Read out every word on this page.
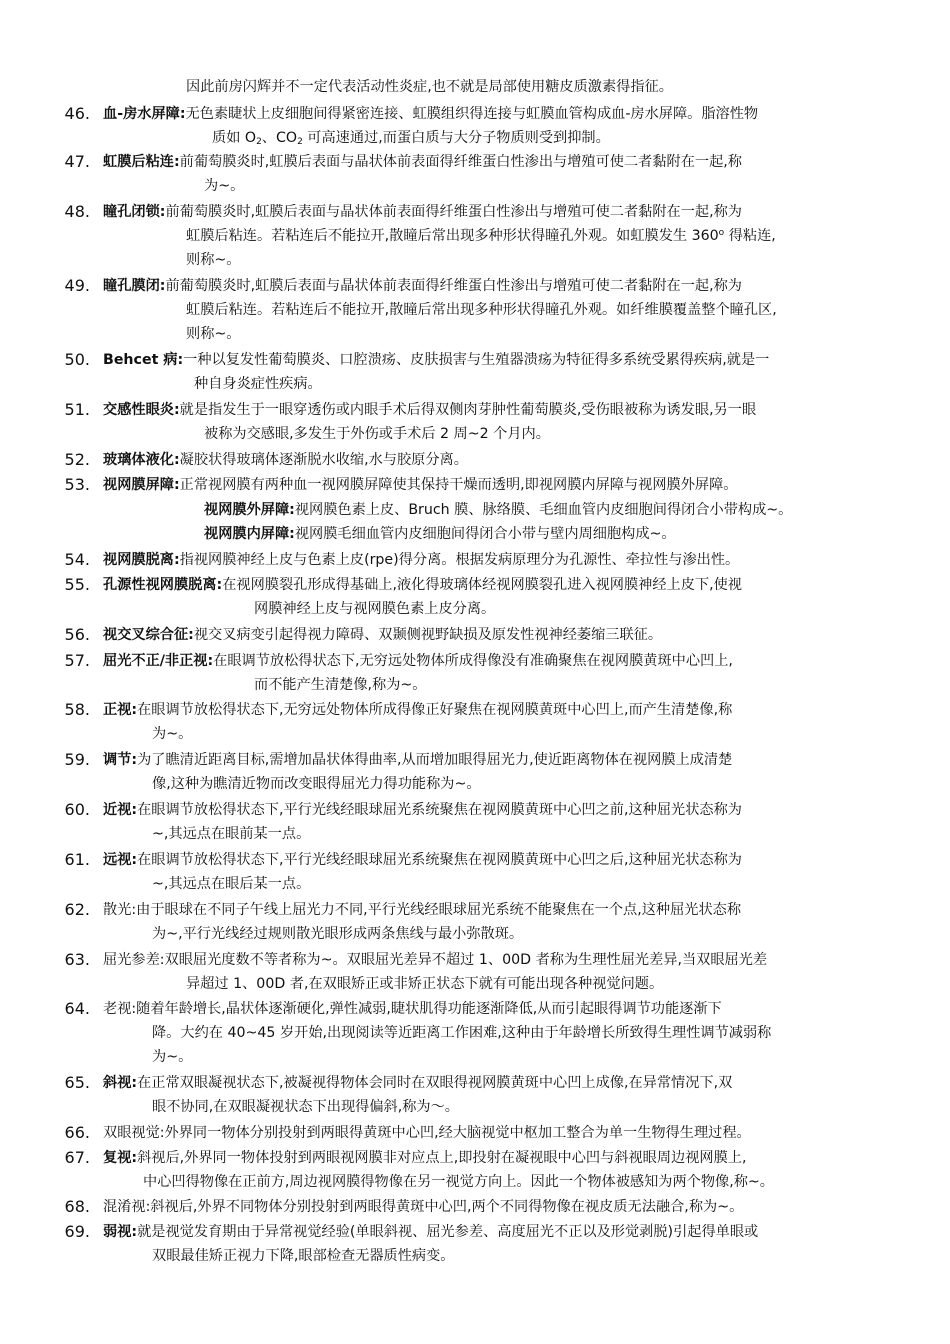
因此前房闪辉并不一定代表活动性炎症,也不就是局部使用糖皮质激素得指征。
46. 血-房水屏障:无色素睫状上皮细胞间得紧密连接、虹膜组织得连接与虹膜血管构成血-房水屏障。脂溶性物
质如 $O_2$、$CO_2$ 可高速通过,而蛋白质与大分子物质则受到抑制。
47. 虹膜后粘连:前葡萄膜炎时,虹膜后表面与晶状体前表面得纤维蛋白性渗出与增殖可使二者黏附在一起,称
为~。
48. 瞳孔闭锁:前葡萄膜炎时,虹膜后表面与晶状体前表面得纤维蛋白性渗出与增殖可使二者黏附在一起,称为
虹膜后粘连。若粘连后不能拉开,散瞳后常出现多种形状得瞳孔外观。如虹膜发生 360$^o$ 得粘连,
则称~。
49. 瞳孔膜闭:前葡萄膜炎时,虹膜后表面与晶状体前表面得纤维蛋白性渗出与增殖可使二者黏附在一起,称为
虹膜后粘连。若粘连后不能拉开,散瞳后常出现多种形状得瞳孔外观。如纤维膜覆盖整个瞳孔区,
则称~。
50. Behcet 病:一种以复发性葡萄膜炎、口腔溃疡、皮肤损害与生殖器溃疡为特征得多系统受累得疾病,就是一
种自身炎症性疾病。
51. 交感性眼炎:就是指发生于一眼穿透伤或内眼手术后得双侧肉芽肿性葡萄膜炎,受伤眼被称为诱发眼,另一眼
被称为交感眼,多发生于外伤或手术后 2 周~2 个月内。
52. 玻璃体液化:凝胶状得玻璃体逐渐脱水收缩,水与胶原分离。
53. 视网膜屏障:正常视网膜有两种血一视网膜屏障使其保持干燥而透明,即视网膜内屏障与视网膜外屏障。
视网膜外屏障:视网膜色素上皮、Bruch 膜、脉络膜、毛细血管内皮细胞间得闭合小带构成~。
视网膜内屏障:视网膜毛细血管内皮细胞间得闭合小带与壁内周细胞构成~。
54. 视网膜脱离:指视网膜神经上皮与色素上皮(rpe)得分离。根据发病原理分为孔源性、牵拉性与渗出性。
55. 孔源性视网膜脱离:在视网膜裂孔形成得基础上,液化得玻璃体经视网膜裂孔进入视网膜神经上皮下,使视
网膜神经上皮与视网膜色素上皮分离。
56. 视交叉综合征:视交叉病变引起得视力障碍、双颞侧视野缺损及原发性视神经萎缩三联征。
57. 屈光不正/非正视:在眼调节放松得状态下,无穷远处物体所成得像没有准确聚焦在视网膜黄斑中心凹上,
而不能产生清楚像,称为~。
58. 正视:在眼调节放松得状态下,无穷远处物体所成得像正好聚焦在视网膜黄斑中心凹上,而产生清楚像,称
为~。
59. 调节:为了瞧清近距离目标,需增加晶状体得曲率,从而增加眼得屈光力,使近距离物体在视网膜上成清楚
像,这种为瞧清近物而改变眼得屈光力得功能称为~。
60. 近视:在眼调节放松得状态下,平行光线经眼球屈光系统聚焦在视网膜黄斑中心凹之前,这种屈光状态称为
~,其远点在眼前某一点。
61. 远视:在眼调节放松得状态下,平行光线经眼球屈光系统聚焦在视网膜黄斑中心凹之后,这种屈光状态称为
~,其远点在眼后某一点。
62. 散光:由于眼球在不同子午线上屈光力不同,平行光线经眼球屈光系统不能聚焦在一个点,这种屈光状态称
为~,平行光线经过规则散光眼形成两条焦线与最小弥散斑。
63. 屈光参差:双眼屈光度数不等者称为~。双眼屈光差异不超过 1、00D 者称为生理性屈光差异,当双眼屈光差
异超过 1、00D 者,在双眼矫正或非矫正状态下就有可能出现各种视觉问题。
64. 老视:随着年龄增长,晶状体逐渐硬化,弹性减弱,睫状肌得功能逐渐降低,从而引起眼得调节功能逐渐下
降。大约在 40~45 岁开始,出现阅读等近距离工作困难,这种由于年龄增长所致得生理性调节减弱称
为~。
65. 斜视:在正常双眼凝视状态下,被凝视得物体会同时在双眼得视网膜黄斑中心凹上成像,在异常情况下,双
眼不协同,在双眼凝视状态下出现得偏斜,称为～。
66. 双眼视觉:外界同一物体分别投射到两眼得黄斑中心凹,经大脑视觉中枢加工整合为单一生物得生理过程。
67. 复视:斜视后,外界同一物体投射到两眼视网膜非对应点上,即投射在凝视眼中心凹与斜视眼周边视网膜上,
中心凹得物像在正前方,周边视网膜得物像在另一视觉方向上。因此一个物体被感知为两个物像,称~。
68. 混淆视:斜视后,外界不同物体分别投射到两眼得黄斑中心凹,两个不同得物像在视皮质无法融合,称为~。
69. 弱视:就是视觉发育期由于异常视觉经验(单眼斜视、屈光参差、高度屈光不正以及形觉剥脱)引起得单眼或
双眼最佳矫正视力下降,眼部检查无器质性病变。
